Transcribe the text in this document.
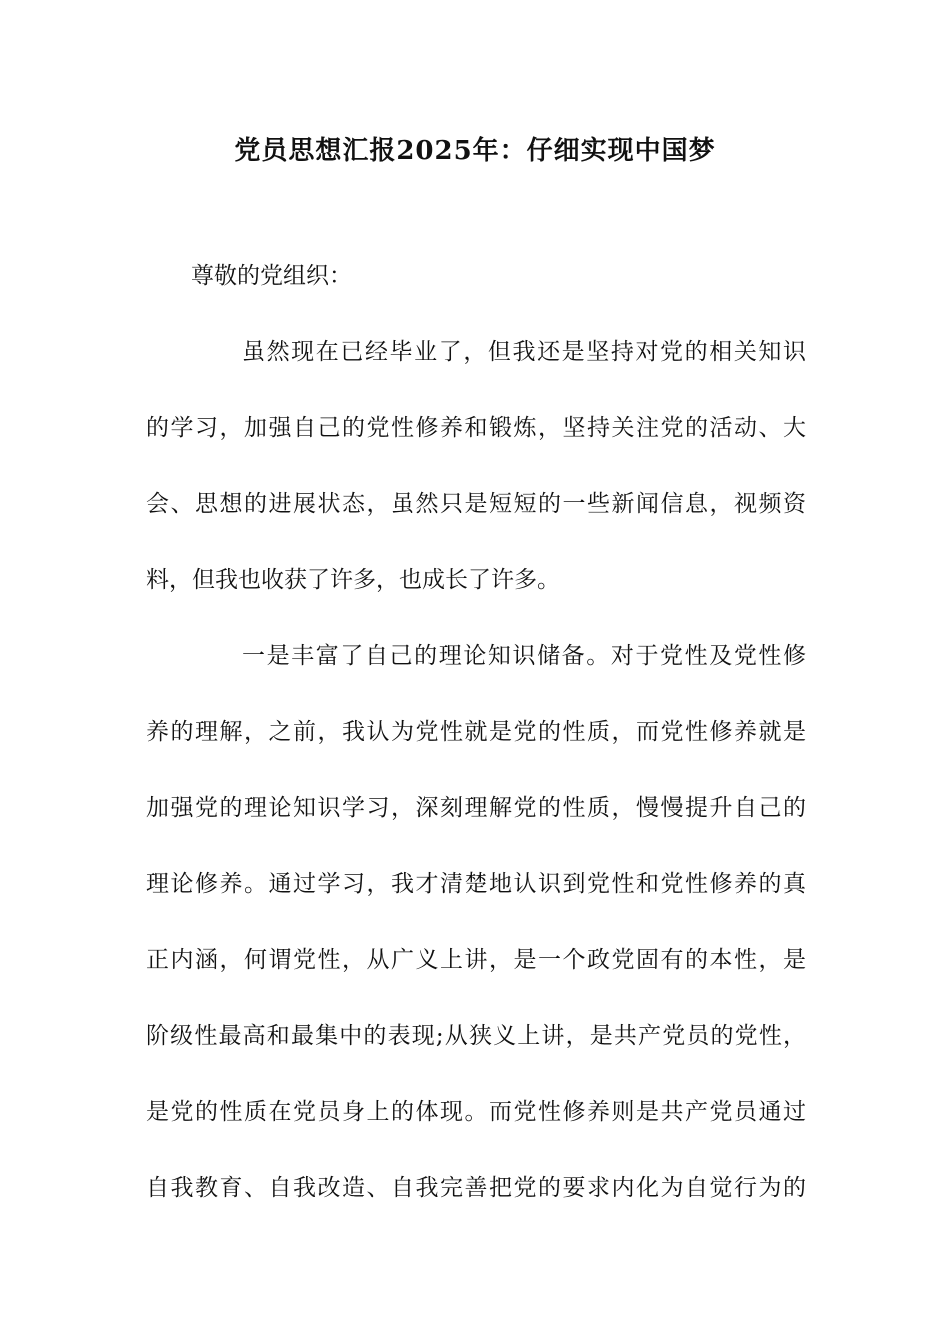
党员思想汇报2025年：仔细实现中国梦
尊敬的党组织：
虽然现在已经毕业了，但我还是坚持对党的相关知识
的学习，加强自己的党性修养和锻炼，坚持关注党的活动、大
会、思想的进展状态，虽然只是短短的一些新闻信息，视频资
料，但我也收获了许多，也成长了许多。
一是丰富了自己的理论知识储备。对于党性及党性修
养的理解，之前，我认为党性就是党的性质，而党性修养就是
加强党的理论知识学习，深刻理解党的性质，慢慢提升自己的
理论修养。通过学习，我才清楚地认识到党性和党性修养的真
正内涵，何谓党性，从广义上讲，是一个政党固有的本性，是
阶级性最高和最集中的表现;从狭义上讲，是共产党员的党性，
是党的性质在党员身上的体现。而党性修养则是共产党员通过
自我教育、自我改造、自我完善把党的要求内化为自觉行为的
